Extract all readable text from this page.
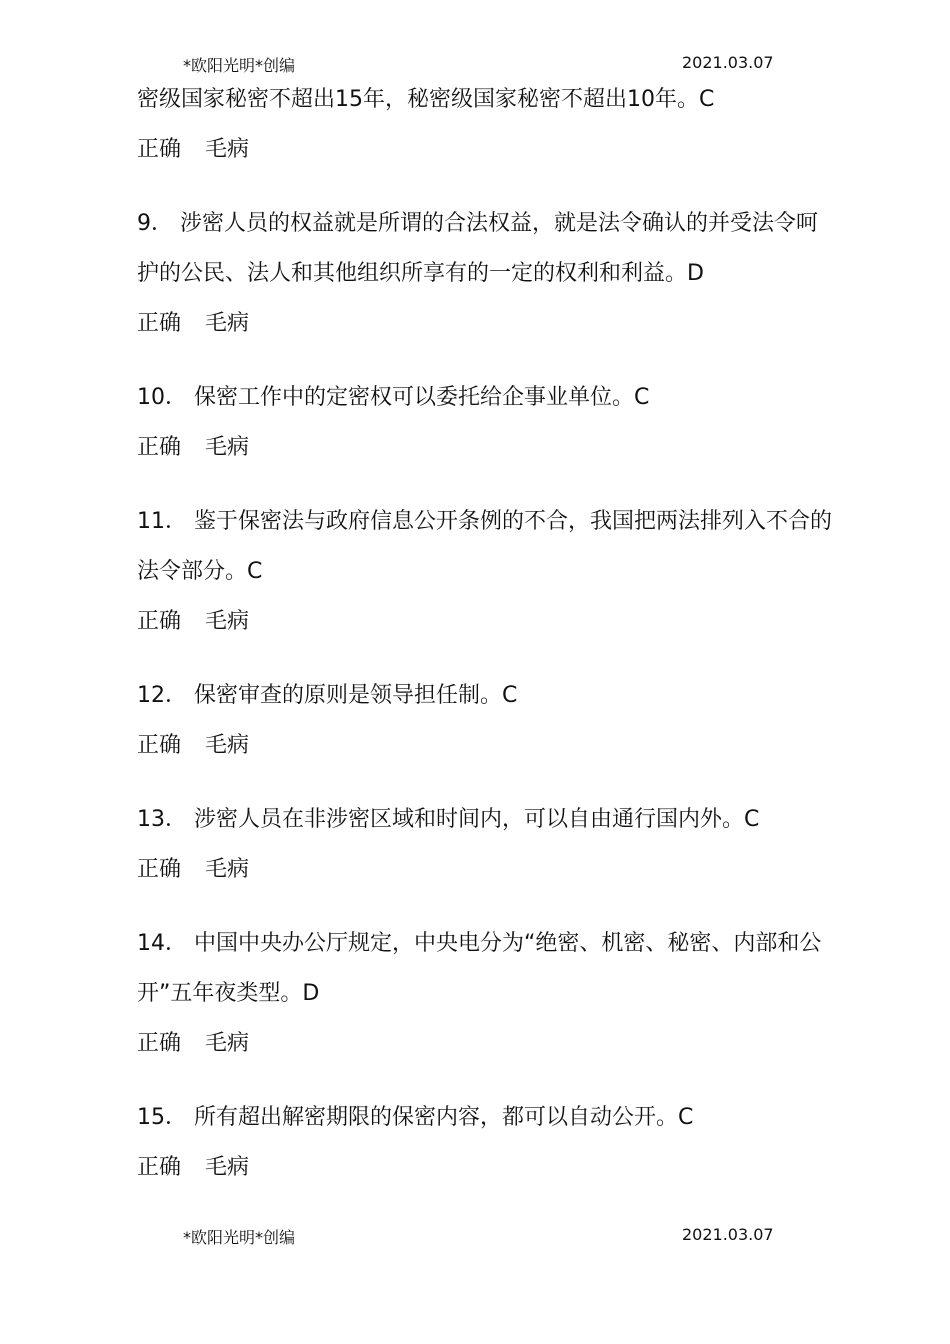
*欧阳光明*创编	2021.03.07

密级国家秘密不超出15年，秘密级国家秘密不超出10年。C

正确 毛病

9． 涉密人员的权益就是所谓的合法权益，就是法令确认的并受法令呵护的公民、法人和其他组织所享有的一定的权利和利益。D

正确 毛病

10． 保密工作中的定密权可以委托给企事业单位。C

正确 毛病

11． 鉴于保密法与政府信息公开条例的不合，我国把两法排列入不合的法令部分。C

正确 毛病

12． 保密审查的原则是领导担任制。C

正确 毛病

13． 涉密人员在非涉密区域和时间内，可以自由通行国内外。C

正确 毛病

14． 中国中央办公厅规定，中央电分为“绝密、机密、秘密、内部和公开”五年夜类型。D

正确 毛病

15． 所有超出解密期限的保密内容，都可以自动公开。C

正确 毛病

*欧阳光明*创编	2021.03.07
